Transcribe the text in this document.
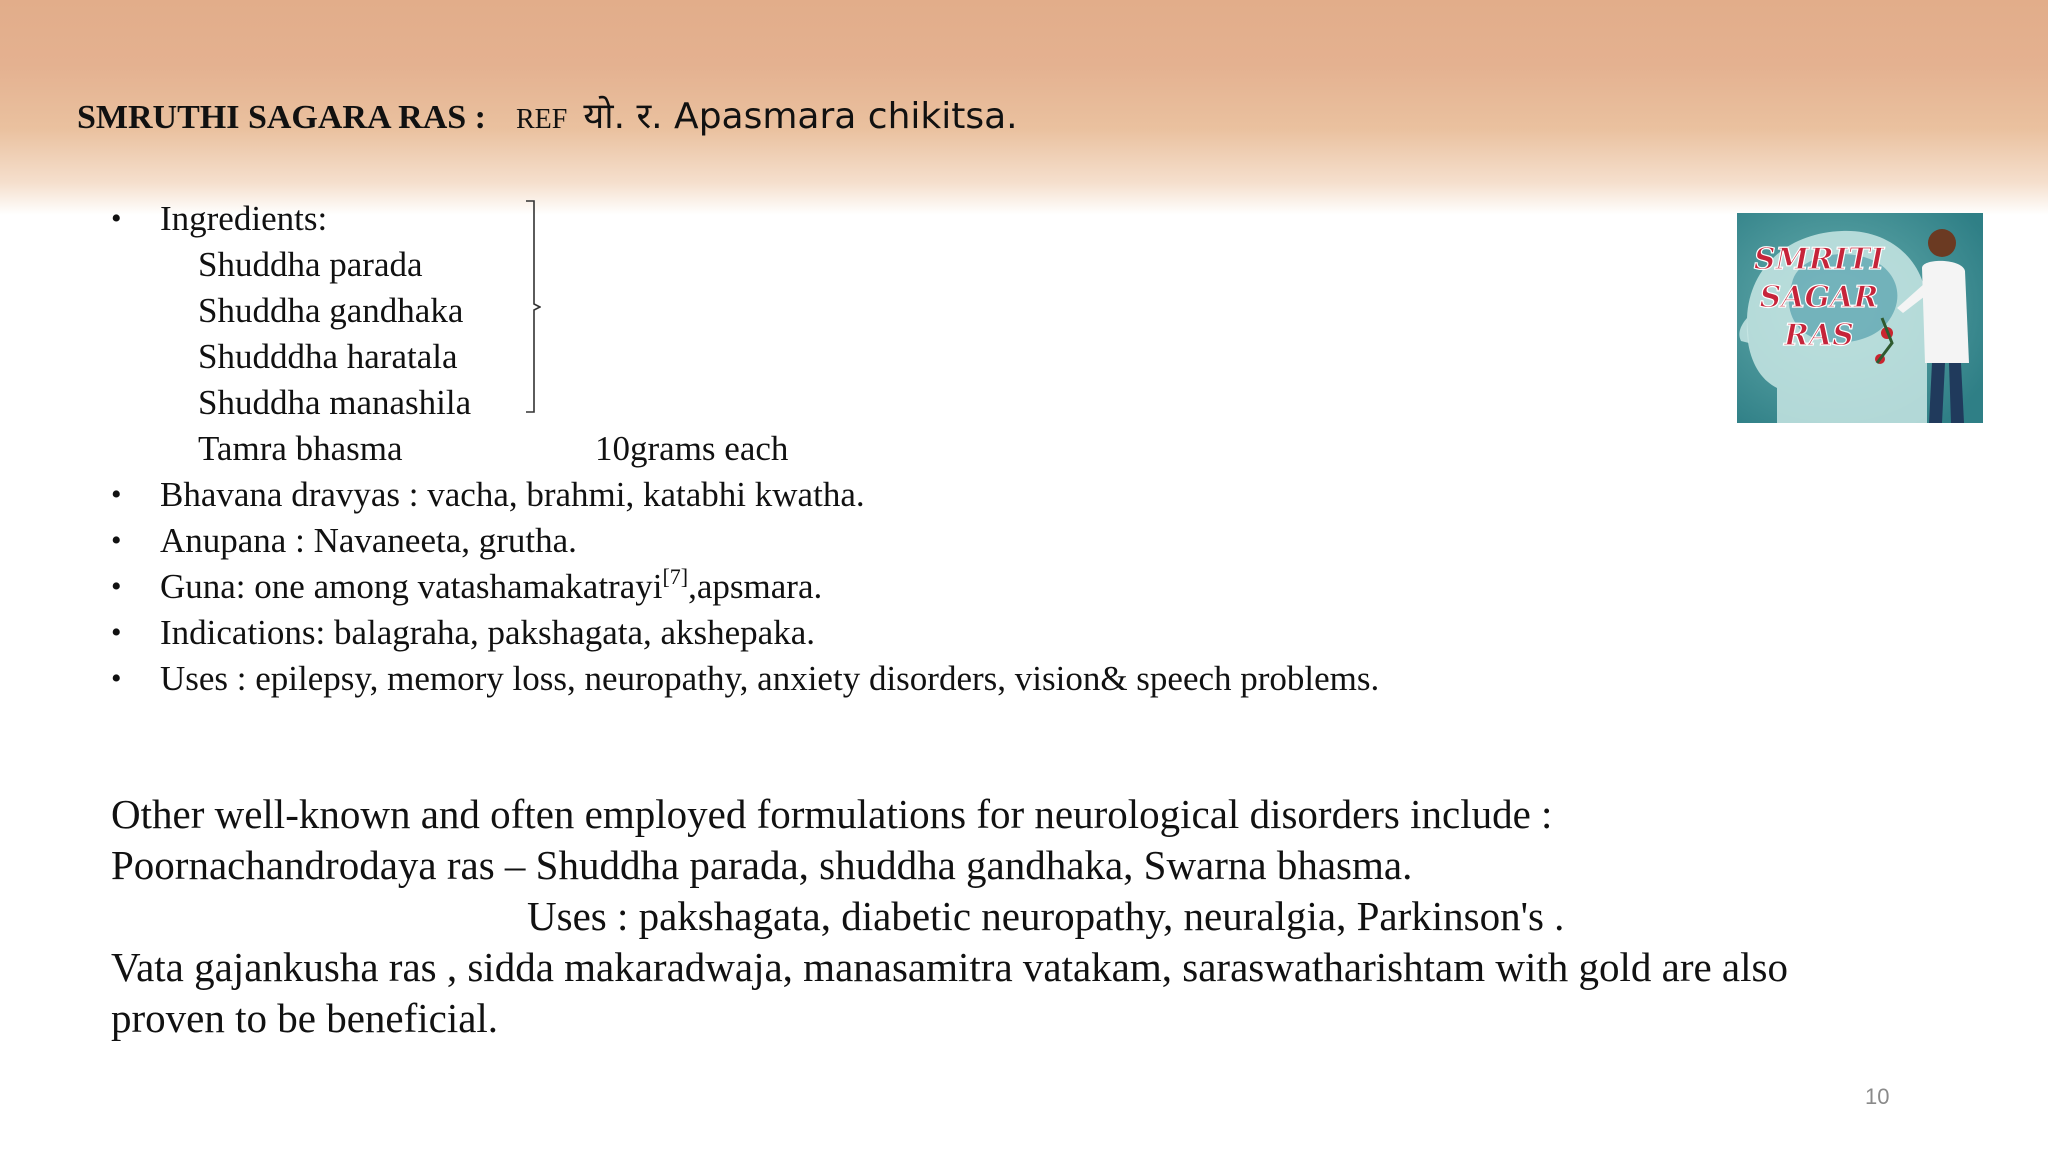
SMRUTHI SAGARA RAS : REF यो. र. Apasmara chikitsa.
• Ingredients:
Shuddha parada
Shuddha gandhaka
Shudddha haratala
Shuddha manashila
Tamra bhasma	10grams each
• Bhavana dravyas : vacha, brahmi, katabhi kwatha.
• Anupana : Navaneeta, grutha.
• Guna: one among vatashamakatrayi[7],apsmara.
• Indications: balagraha, pakshagata, akshepaka.
• Uses : epilepsy, memory loss, neuropathy, anxiety disorders, vision& speech problems.
Other well-known and often employed formulations for neurological disorders include :
Poornachandrodaya ras – Shuddha parada, shuddha gandhaka, Swarna bhasma.
Uses : pakshagata, diabetic neuropathy, neuralgia, Parkinson's .
Vata gajankusha ras , sidda makaradwaja, manasamitra vatakam, saraswatharishtam with gold are also
proven to be beneficial.
SMRITI
SAGAR
RAS
10
